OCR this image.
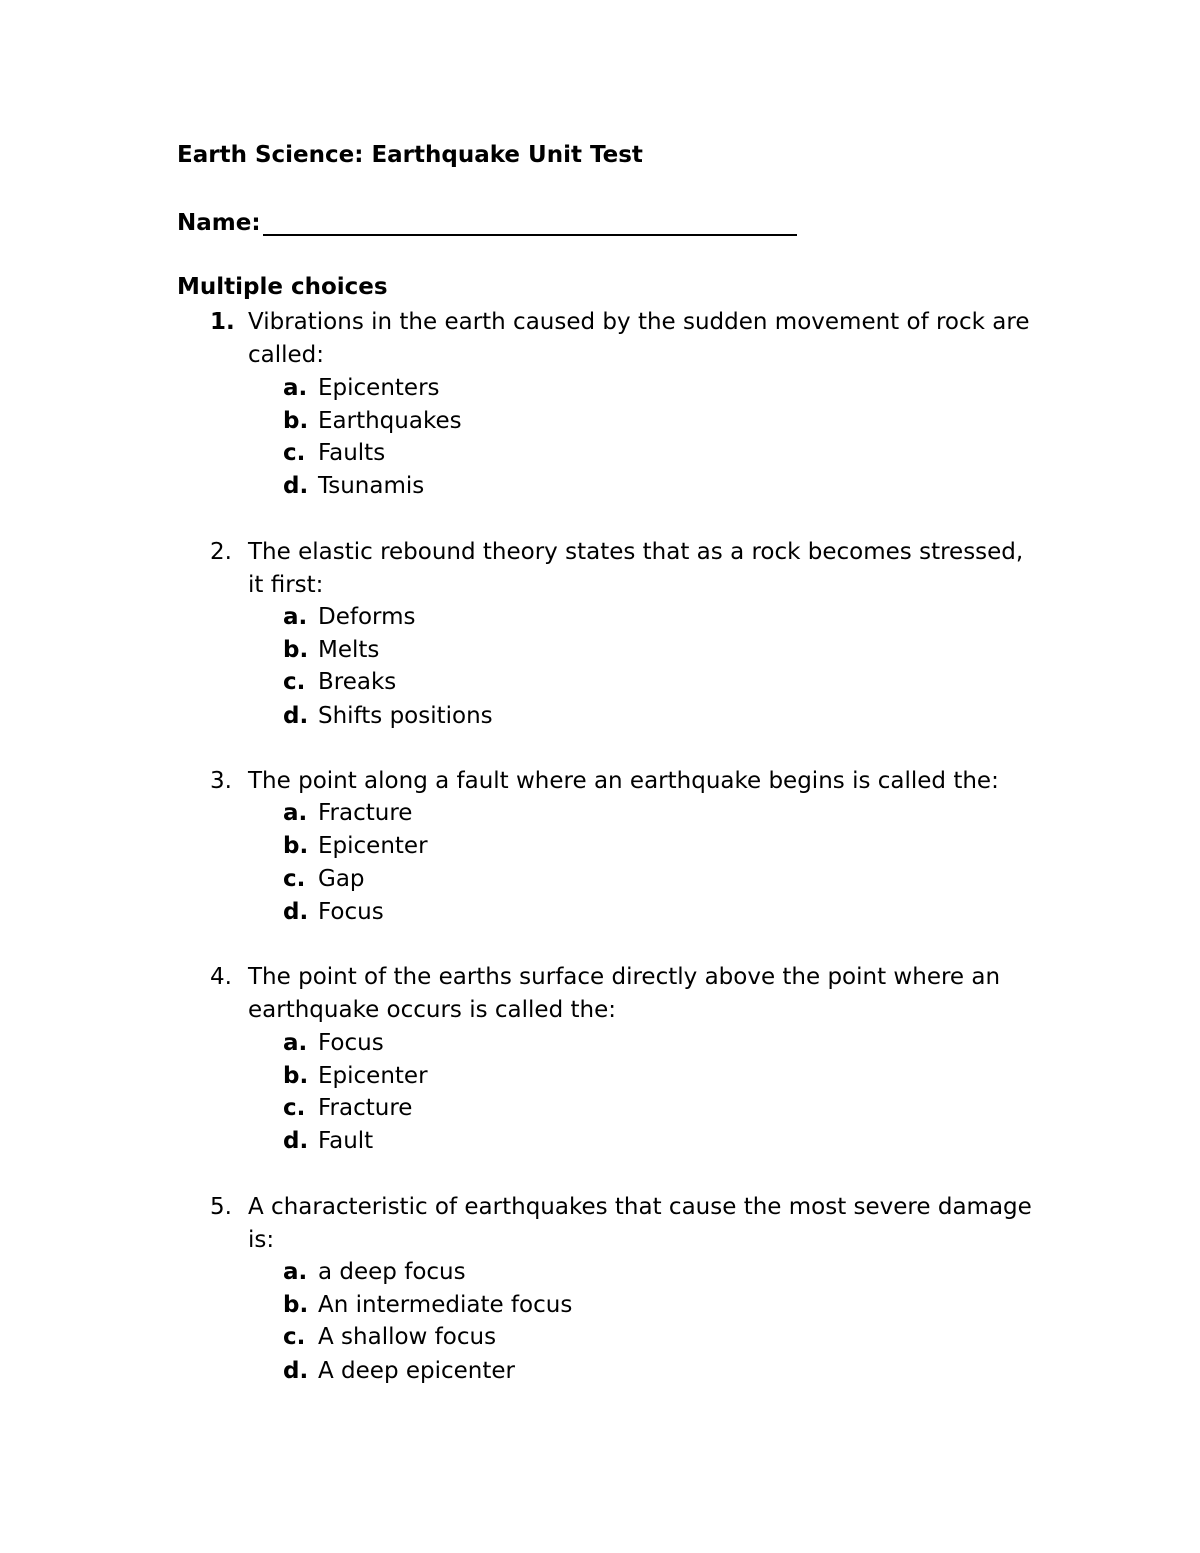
Earth Science: Earthquake Unit Test
Name:
Multiple choices
1. Vibrations in the earth caused by the sudden movement of rock are called:
a. Epicenters
b. Earthquakes
c. Faults
d. Tsunamis
2. The elastic rebound theory states that as a rock becomes stressed, it first:
a. Deforms
b. Melts
c. Breaks
d. Shifts positions
3. The point along a fault where an earthquake begins is called the:
a. Fracture
b. Epicenter
c. Gap
d. Focus
4. The point of the earths surface directly above the point where an earthquake occurs is called the:
a. Focus
b. Epicenter
c. Fracture
d. Fault
5. A characteristic of earthquakes that cause the most severe damage is:
a. a deep focus
b. An intermediate focus
c. A shallow focus
d. A deep epicenter
